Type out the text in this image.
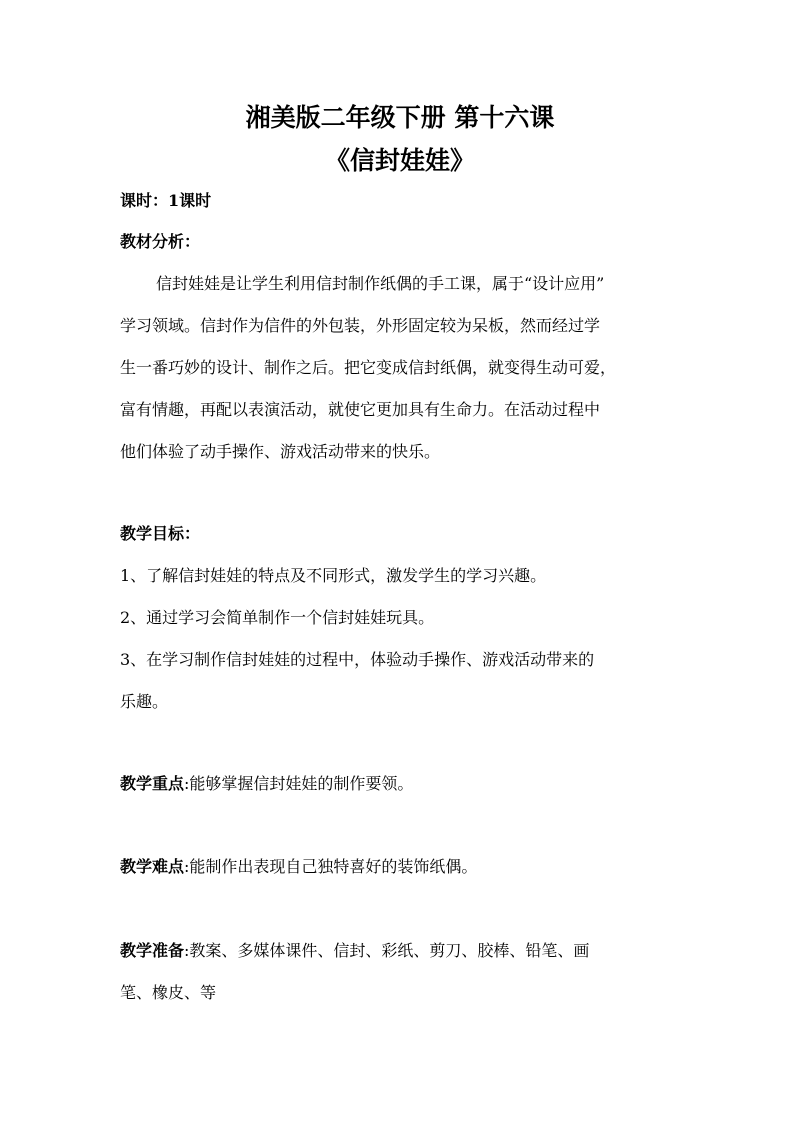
湘美版二年级下册 第十六课
《信封娃娃》
课时：1课时
教材分析：
信封娃娃是让学生利用信封制作纸偶的手工课，属于“设计应用”
学习领域。信封作为信件的外包装，外形固定较为呆板，然而经过学
生一番巧妙的设计、制作之后。把它变成信封纸偶，就变得生动可爱，
富有情趣，再配以表演活动，就使它更加具有生命力。在活动过程中
他们体验了动手操作、游戏活动带来的快乐。
教学目标：
1、了解信封娃娃的特点及不同形式，激发学生的学习兴趣。
2、通过学习会简单制作一个信封娃娃玩具。
3、在学习制作信封娃娃的过程中，体验动手操作、游戏活动带来的
乐趣。
教学重点:能够掌握信封娃娃的制作要领。
教学难点:能制作出表现自己独特喜好的装饰纸偶。
教学准备:教案、多媒体课件、信封、彩纸、剪刀、胶棒、铅笔、画
笔、橡皮、等
